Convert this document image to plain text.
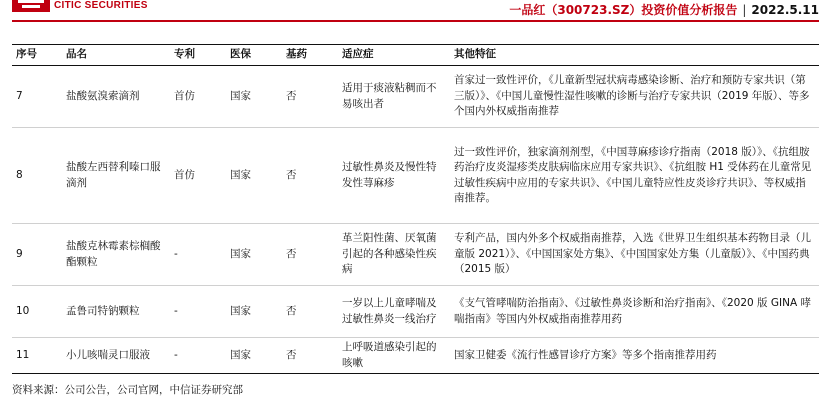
CITIC SECURITIES	一品红（300723.SZ）投资价值分析报告 | 2022.5.11
序号	品名	专利	医保	基药	适应症	其他特征
7	盐酸氨溴索滴剂	首仿	国家	否	适用于痰液粘稠而不易咳出者	首家过一致性评价，《儿童新型冠状病毒感染诊断、治疗和预防专家共识（第三版）》、《中国儿童慢性湿性咳嗽的诊断与治疗专家共识（2019 年版）、等多个国内外权威指南推荐
8	盐酸左西替利嗪口服滴剂	首仿	国家	否	过敏性鼻炎及慢性特发性荨麻疹	过一致性评价，独家滴剂剂型，《中国荨麻疹诊疗指南（2018 版）》、《抗组胺药治疗皮炎湿疹类皮肤病临床应用专家共识》、《抗组胺 H1 受体药在儿童常见过敏性疾病中应用的专家共识》、《中国儿童特应性皮炎诊疗共识》、等权威指南推荐。
9	盐酸克林霉素棕榈酸酯颗粒	-	国家	否	革兰阳性菌、厌氧菌引起的各种感染性疾病	专利产品，国内外多个权威指南推荐，入选《世界卫生组织基本药物目录（儿童版 2021）》、《中国国家处方集》、《中国国家处方集（儿童版）》、《中国药典（2015 版）
10	孟鲁司特钠颗粒	-	国家	否	一岁以上儿童哮喘及过敏性鼻炎一线治疗	《支气管哮喘防治指南》、《过敏性鼻炎诊断和治疗指南》、《2020 版 GINA 哮喘指南》等国内外权威指南推荐用药
11	小儿咳喘灵口服液	-	国家	否	上呼吸道感染引起的咳嗽	国家卫健委《流行性感冒诊疗方案》等多个指南推荐用药
资料来源：公司公告，公司官网，中信证券研究部
